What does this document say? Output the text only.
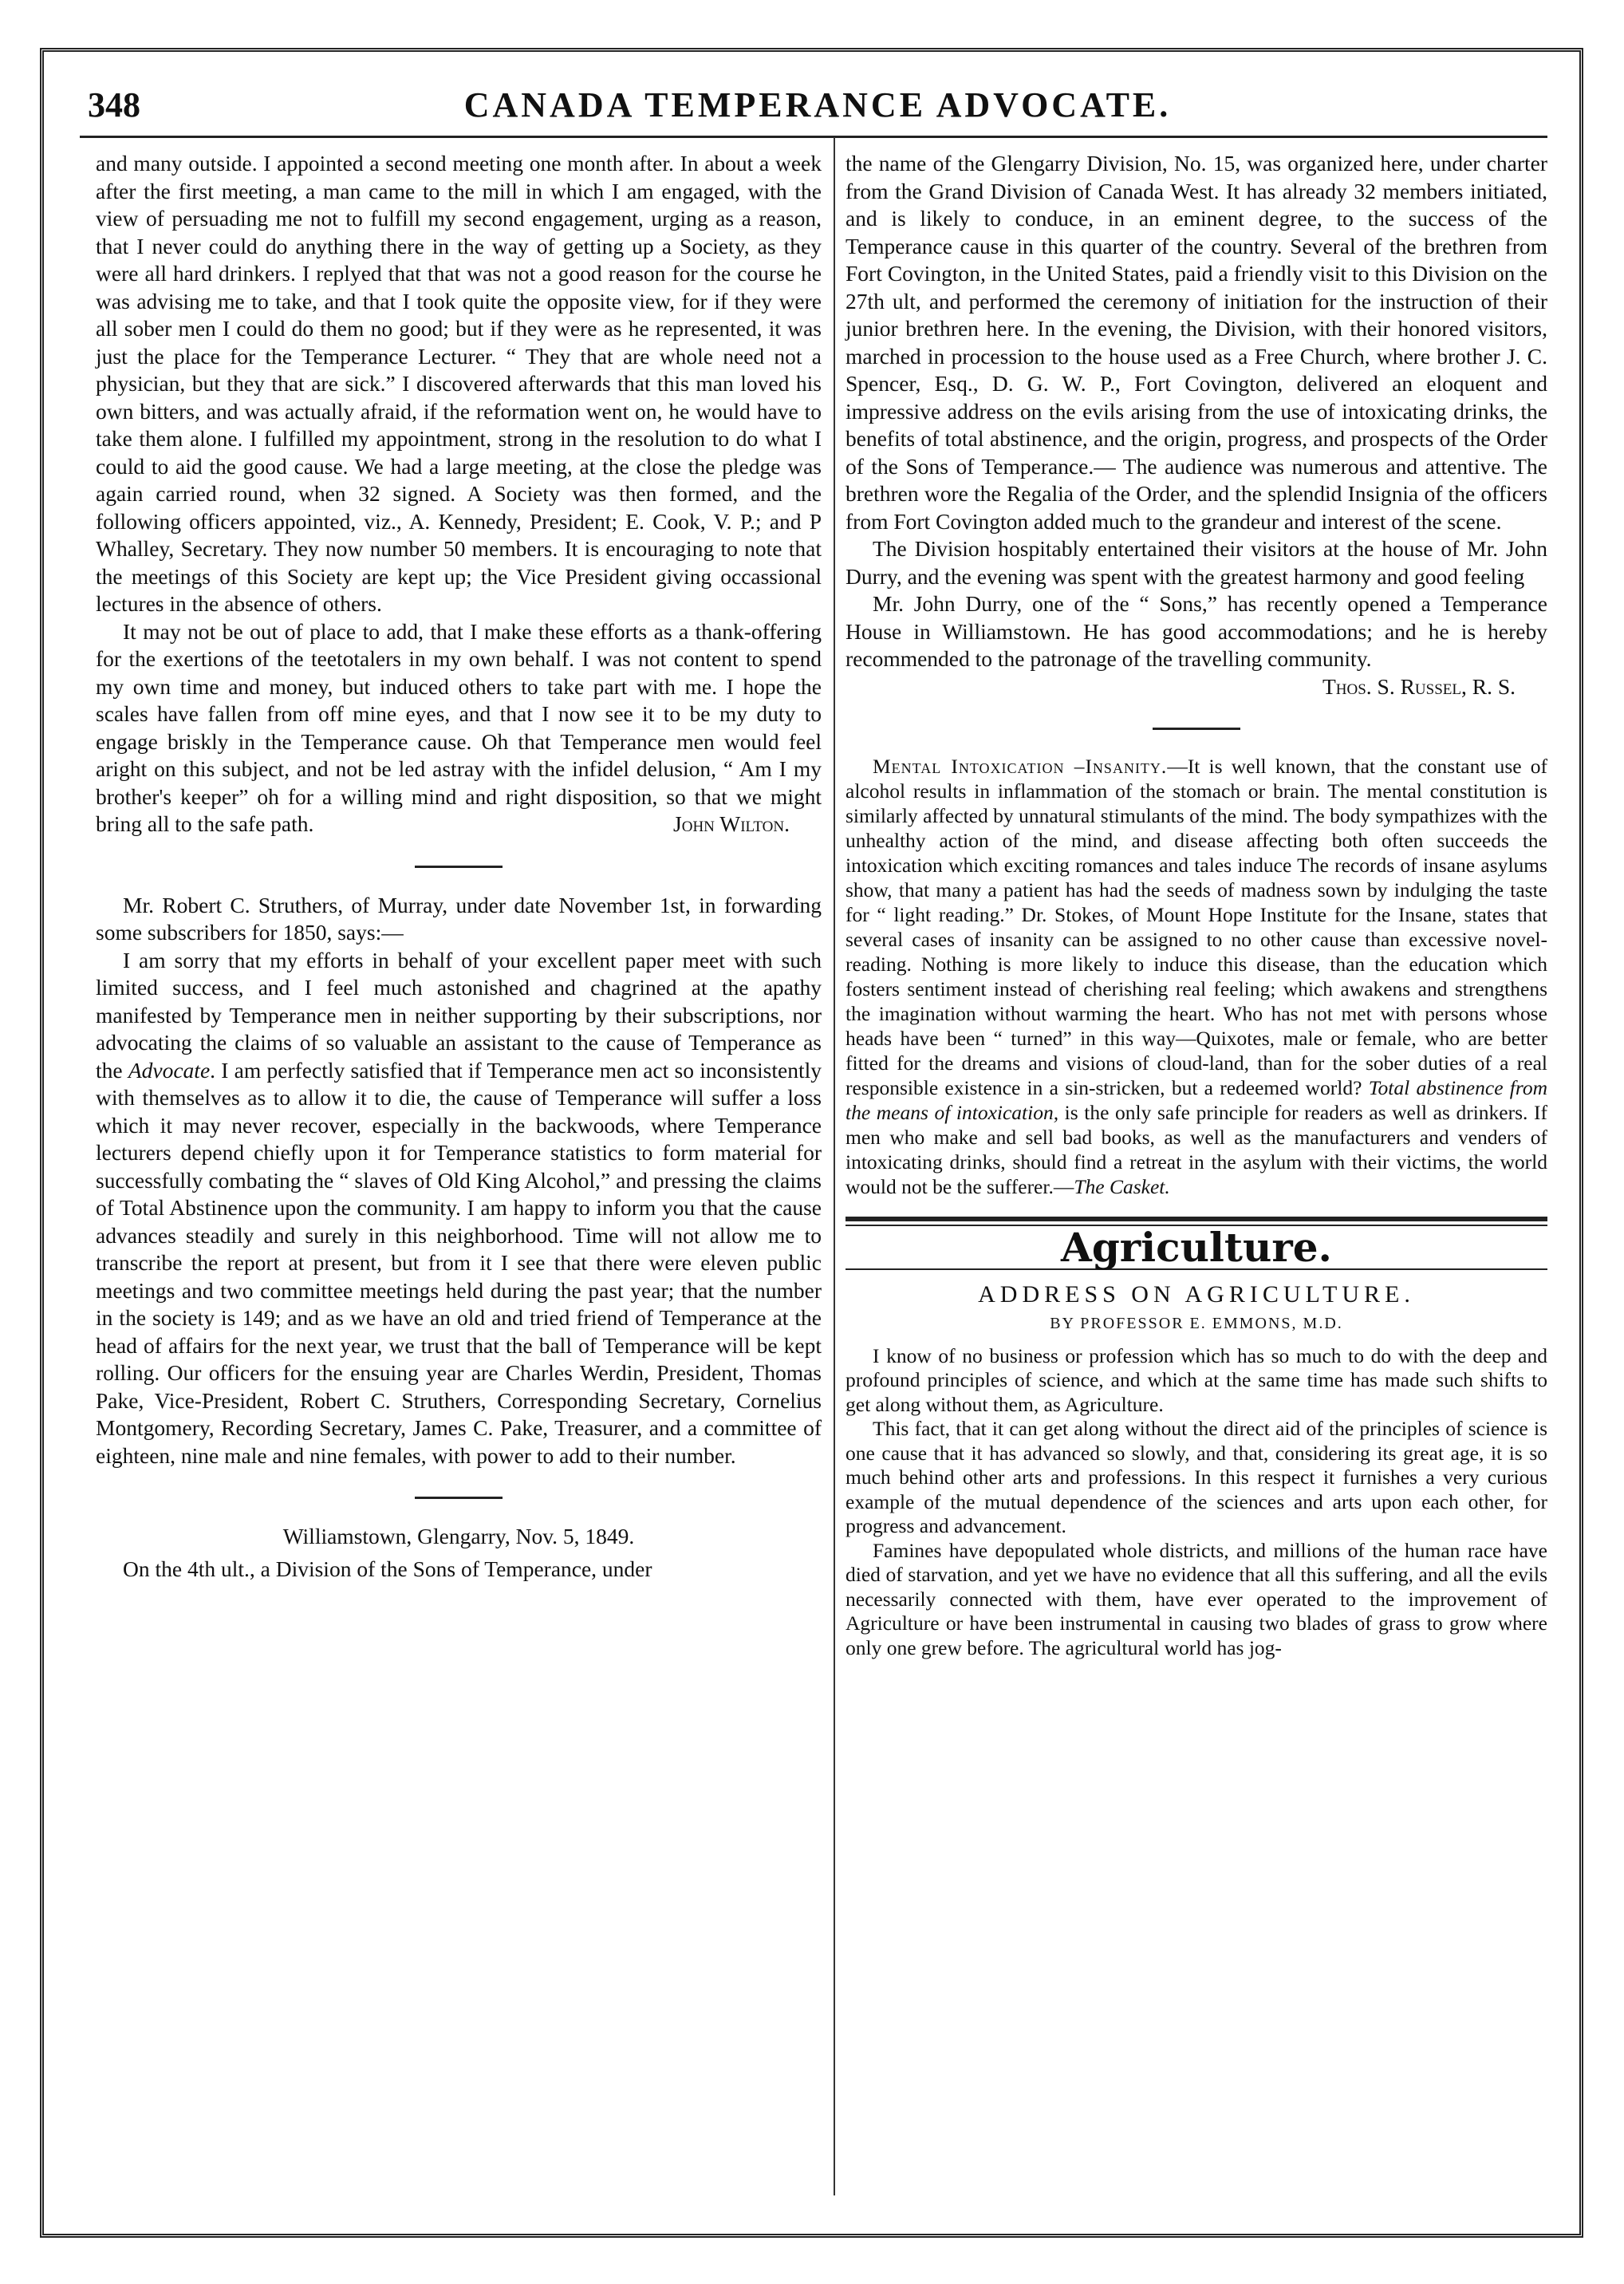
348	CANADA TEMPERANCE ADVOCATE.

and many outside. I appointed a second meeting one month after. In about a week after the first meeting, a man came to the mill in which I am engaged, with the view of persuading me not to fulfill my second engagement, urging as a reason, that I never could do anything there in the way of getting up a Society, as they were all hard drinkers. I replyed that that was not a good reason for the course he was advising me to take, and that I took quite the opposite view, for if they were all sober men I could do them no good; but if they were as he represented, it was just the place for the Temperance Lecturer. “ They that are whole need not a physician, but they that are sick.” I discovered afterwards that this man loved his own bitters, and was actually afraid, if the reformation went on, he would have to take them alone. I fulfilled my appointment, strong in the resolution to do what I could to aid the good cause. We had a large meeting, at the close the pledge was again carried round, when 32 signed. A Society was then formed, and the following officers appointed, viz., A. Kennedy, President; E. Cook, V. P.; and P Whalley, Secretary. They now number 50 members. It is encouraging to note that the meetings of this Society are kept up; the Vice President giving occassional lectures in the absence of others.

It may not be out of place to add, that I make these efforts as a thank-offering for the exertions of the teetotalers in my own behalf. I was not content to spend my own time and money, but induced others to take part with me. I hope the scales have fallen from off mine eyes, and that I now see it to be my duty to engage briskly in the Temperance cause. Oh that Temperance men would feel aright on this subject, and not be led astray with the infidel delusion, “ Am I my brother's keeper” oh for a willing mind and right disposition, so that we might bring all to the safe path.	John Wilton.

Mr. Robert C. Struthers, of Murray, under date November 1st, in forwarding some subscribers for 1850, says:—

I am sorry that my efforts in behalf of your excellent paper meet with such limited success, and I feel much astonished and chagrined at the apathy manifested by Temperance men in neither supporting by their subscriptions, nor advocating the claims of so valuable an assistant to the cause of Temperance as the Advocate. I am perfectly satisfied that if Temperance men act so inconsistently with themselves as to allow it to die, the cause of Temperance will suffer a loss which it may never recover, especially in the backwoods, where Temperance lecturers depend chiefly upon it for Temperance statistics to form material for successfully combating the “ slaves of Old King Alcohol,” and pressing the claims of Total Abstinence upon the community. I am happy to inform you that the cause advances steadily and surely in this neighborhood. Time will not allow me to transcribe the report at present, but from it I see that there were eleven public meetings and two committee meetings held during the past year; that the number in the society is 149; and as we have an old and tried friend of Temperance at the head of affairs for the next year, we trust that the ball of Temperance will be kept rolling. Our officers for the ensuing year are Charles Werdin, President, Thomas Pake, Vice-President, Robert C. Struthers, Corresponding Secretary, Cornelius Montgomery, Recording Secretary, James C. Pake, Treasurer, and a committee of eighteen, nine male and nine females, with power to add to their number.

Williamstown, Glengarry, Nov. 5, 1849.

On the 4th ult., a Division of the Sons of Temperance, under

the name of the Glengarry Division, No. 15, was organized here, under charter from the Grand Division of Canada West. It has already 32 members initiated, and is likely to conduce, in an eminent degree, to the success of the Temperance cause in this quarter of the country. Several of the brethren from Fort Covington, in the United States, paid a friendly visit to this Division on the 27th ult, and performed the ceremony of initiation for the instruction of their junior brethren here. In the evening, the Division, with their honored visitors, marched in procession to the house used as a Free Church, where brother J. C. Spencer, Esq., D. G. W. P., Fort Covington, delivered an eloquent and impressive address on the evils arising from the use of intoxicating drinks, the benefits of total abstinence, and the origin, progress, and prospects of the Order of the Sons of Temperance.— The audience was numerous and attentive. The brethren wore the Regalia of the Order, and the splendid Insignia of the officers from Fort Covington added much to the grandeur and interest of the scene.

The Division hospitably entertained their visitors at the house of Mr. John Durry, and the evening was spent with the greatest harmony and good feeling

Mr. John Durry, one of the “ Sons,” has recently opened a Temperance House in Williamstown. He has good accommodations; and he is hereby recommended to the patronage of the travelling community.

Thos. S. Russel, R. S.

Mental Intoxication –Insanity.—It is well known, that the constant use of alcohol results in inflammation of the stomach or brain. The mental constitution is similarly affected by unnatural stimulants of the mind. The body sympathizes with the unhealthy action of the mind, and disease affecting both often succeeds the intoxication which exciting romances and tales induce The records of insane asylums show, that many a patient has had the seeds of madness sown by indulging the taste for “ light reading.” Dr. Stokes, of Mount Hope Institute for the Insane, states that several cases of insanity can be assigned to no other cause than excessive novel-reading. Nothing is more likely to induce this disease, than the education which fosters sentiment instead of cherishing real feeling; which awakens and strengthens the imagination without warming the heart. Who has not met with persons whose heads have been “ turned” in this way—Quixotes, male or female, who are better fitted for the dreams and visions of cloud-land, than for the sober duties of a real responsible existence in a sin-stricken, but a redeemed world? Total abstinence from the means of intoxication, is the only safe principle for readers as well as drinkers. If men who make and sell bad books, as well as the manufacturers and venders of intoxicating drinks, should find a retreat in the asylum with their victims, the world would not be the sufferer.—The Casket.

Agriculture.
ADDRESS ON AGRICULTURE.
BY PROFESSOR E. EMMONS, M.D.

I know of no business or profession which has so much to do with the deep and profound principles of science, and which at the same time has made such shifts to get along without them, as Agriculture.

This fact, that it can get along without the direct aid of the principles of science is one cause that it has advanced so slowly, and that, considering its great age, it is so much behind other arts and professions. In this respect it furnishes a very curious example of the mutual dependence of the sciences and arts upon each other, for progress and advancement.

Famines have depopulated whole districts, and millions of the human race have died of starvation, and yet we have no evidence that all this suffering, and all the evils necessarily connected with them, have ever operated to the improvement of Agriculture or have been instrumental in causing two blades of grass to grow where only one grew before. The agricultural world has jog-
